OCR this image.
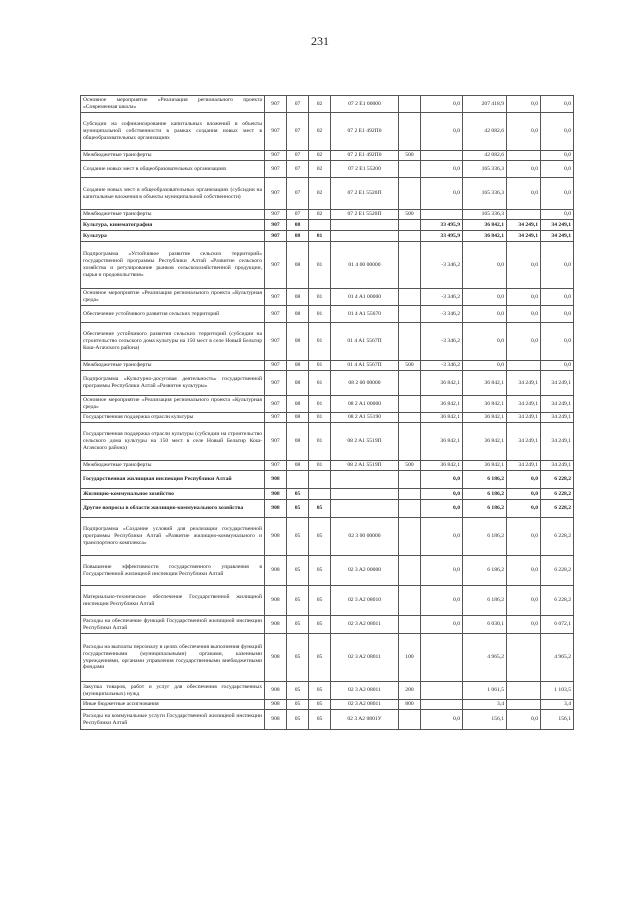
231
Основное мероприятие «Реализация регионального проекта «Современная школа»	907	07	02	07 2 E1 00000		0,0	207 418,9	0,0	0,0
Субсидии на софинансирование капитальных вложений в объекты муниципальной собственности в рамках создания новых мест в общеобразовательных организациях	907	07	02	07 2 E1 492П0		0,0	42 082,6	0,0	0,0
Межбюджетные трансферты	907	07	02	07 2 E1 492П0	500		42 082,6		0,0
Создание новых мест в общеобразовательных организациях	907	07	02	07 2 E1 55200		0,0	165 336,3	0,0	0,0
Создание новых мест в общеобразовательных организациях (субсидии на капитальные вложения в объекты муниципальной собственности)	907	07	02	07 2 E1 5520П		0,0	165 336,3	0,0	0,0
Межбюджетные трансферты	907	07	02	07 2 E1 5520П	500		165 336,3		0,0
Культура, кинематография	907	08				33 495,9	36 842,1	34 249,1	34 249,1
Культура	907	08	01			33 495,9	36 842,1	34 249,1	34 249,1
Подпрограмма «Устойчивое развитие сельских территорий» государственной программы Республики Алтай «Развитие сельского хозяйства и регулирование рынков сельскохозяйственной продукции, сырья и продовольствия»	907	08	01	01 4 00 00000		-3 346,2	0,0	0,0	0,0
Основное мероприятие «Реализация регионального проекта «Культурная среда»	907	08	01	01 4 A1 00000		-3 346,2	0,0	0,0	0,0
Обеспечение устойчивого развития сельских территорий	907	08	01	01 4 A1 55670		-3 346,2	0,0	0,0	0,0
Обеспечение устойчивого развития сельских территорий (субсидии на строительство сельского дома культуры на 150 мест в селе Новый Бельтир Кош-Агачского района)	907	08	01	01 4 A1 5567П		-3 346,2	0,0	0,0	0,0
Межбюджетные трансферты	907	08	01	01 4 A1 5567П	500	-3 346,2	0,0		0,0
Подпрограмма «Культурно-досуговая деятельность» государственной программы Республики Алтай «Развитие культуры»	907	08	01	08 2 00 00000		36 842,1	36 842,1	34 249,1	34 249,1
Основное мероприятие «Реализация регионального проекта «Культурная среда»	907	08	01	08 2 A1 00000		36 842,1	36 842,1	34 249,1	34 249,1
Государственная поддержка отрасли культуры	907	08	01	08 2 A1 55190		36 842,1	36 842,1	34 249,1	34 249,1
Государственная поддержка отрасли культуры (субсидии на строительство сельского дома культуры на 150 мест в селе Новый Бельтир Кош-Агачского района)	907	08	01	08 2 A1 5519П		36 842,1	36 842,1	34 249,1	34 249,1
Межбюджетные трансферты	907	08	01	08 2 A1 5519П	500	36 842,1	36 842,1	34 249,1	34 249,1
Государственная жилищная инспекция Республики Алтай	908					0,0	6 186,2	0,0	6 228,2
Жилищно-коммунальное хозяйство	908	05				0,0	6 186,2	0,0	6 228,2
Другие вопросы в области жилищно-коммунального хозяйства	908	05	05			0,0	6 186,2	0,0	6 228,2
Подпрограмма «Создание условий для реализации государственной программы Республики Алтай «Развитие жилищно-коммунального и транспортного комплекса»	908	05	05	02 3 00 00000		0,0	6 186,2	0,0	6 228,2
Повышение эффективности государственного управления в Государственной жилищной инспекции Республики Алтай	908	05	05	02 3 A2 00000		0,0	6 186,2	0,0	6 228,2
Материально-техническое обеспечение Государственной жилищной инспекции Республики Алтай	908	05	05	02 3 A2 08010		0,0	6 186,2	0,0	6 228,2
Расходы на обеспечение функций Государственной жилищной инспекции Республики Алтай	908	05	05	02 3 A2 08011		0,0	6 030,1	0,0	6 072,1
Расходы на выплаты персоналу в целях обеспечения выполнения функций государственными (муниципальными) органами, казенными учреждениями, органами управления государственными внебюджетными фондами	908	05	05	02 3 A2 08011	100		4 965,2		4 965,2
Закупка товаров, работ и услуг для обеспечения государственных (муниципальных) нужд	908	05	05	02 3 A2 08011	200		1 061,5		1 103,5
Иные бюджетные ассигнования	908	05	05	02 3 A2 08011	800		3,4		3,4
Расходы на коммунальные услуги Государственной жилищной инспекции Республики Алтай	908	05	05	02 3 A2 0801У		0,0	156,1	0,0	156,1
